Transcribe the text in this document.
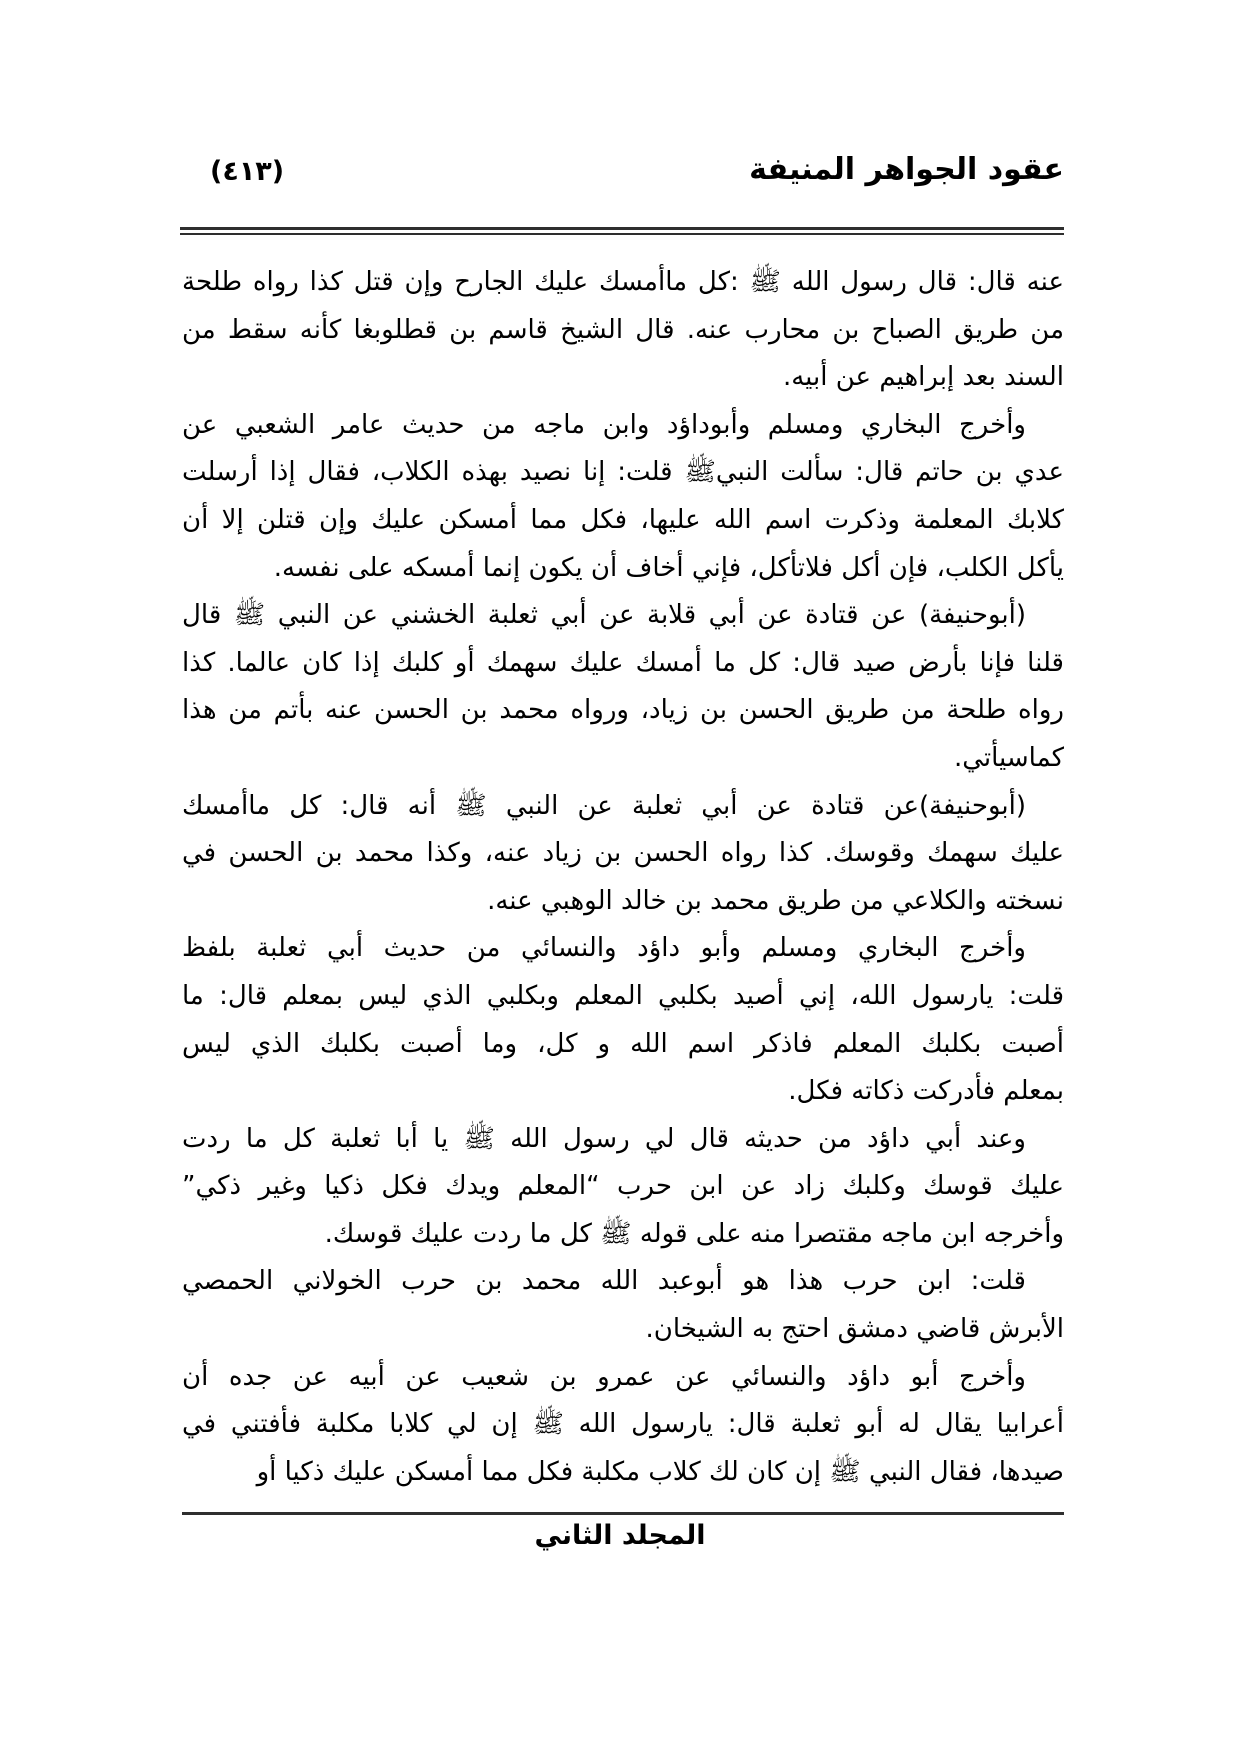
(٤١٣)	عقود الجواهر المنيفة
عنه قال: قال رسول الله ﷺ :كل ماأمسك عليك الجارح وإن قتل كذا رواه طلحة
من طريق الصباح بن محارب عنه. قال الشيخ قاسم بن قطلوبغا كأنه سقط من
السند بعد إبراهيم عن أبيه.
وأخرج البخاري ومسلم وأبوداؤد وابن ماجه من حديث عامر الشعبي عن
عدي بن حاتم قال: سألت النبيﷺ قلت: إنا نصيد بهذه الكلاب، فقال إذا أرسلت
كلابك المعلمة وذكرت اسم الله عليها، فكل مما أمسكن عليك وإن قتلن إلا أن
يأكل الكلب، فإن أكل فلاتأكل، فإني أخاف أن يكون إنما أمسكه على نفسه.
(أبوحنيفة) عن قتادة عن أبي قلابة عن أبي ثعلبة الخشني عن النبي ﷺ قال
قلنا فإنا بأرض صيد قال: كل ما أمسك عليك سهمك أو كلبك إذا كان عالما. كذا
رواه طلحة من طريق الحسن بن زياد، ورواه محمد بن الحسن عنه بأتم من هذا
كماسيأتي.
(أبوحنيفة)عن قتادة عن أبي ثعلبة عن النبي ﷺ أنه قال: كل ماأمسك
عليك سهمك وقوسك. كذا رواه الحسن بن زياد عنه، وكذا محمد بن الحسن في
نسخته والكلاعي من طريق محمد بن خالد الوهبي عنه.
وأخرج البخاري ومسلم وأبو داؤد والنسائي من حديث أبي ثعلبة بلفظ
قلت: يارسول الله، إني أصيد بكلبي المعلم وبكلبي الذي ليس بمعلم قال: ما
أصبت بكلبك المعلم فاذكر اسم الله و كل، وما أصبت بكلبك الذي ليس
بمعلم فأدركت ذكاته فكل.
وعند أبي داؤد من حديثه قال لي رسول الله ﷺ يا أبا ثعلبة كل ما ردت
عليك قوسك وكلبك زاد عن ابن حرب “المعلم ويدك فكل ذكيا وغير ذكي”
وأخرجه ابن ماجه مقتصرا منه على قوله ﷺ كل ما ردت عليك قوسك.
قلت: ابن حرب هذا هو أبوعبد الله محمد بن حرب الخولاني الحمصي
الأبرش قاضي دمشق احتج به الشيخان.
وأخرج أبو داؤد والنسائي عن عمرو بن شعيب عن أبيه عن جده أن
أعرابيا يقال له أبو ثعلبة قال: يارسول الله ﷺ إن لي كلابا مكلبة فأفتني في
صيدها، فقال النبي ﷺ إن كان لك كلاب مكلبة فكل مما أمسكن عليك ذكيا أو
المجلد الثاني
